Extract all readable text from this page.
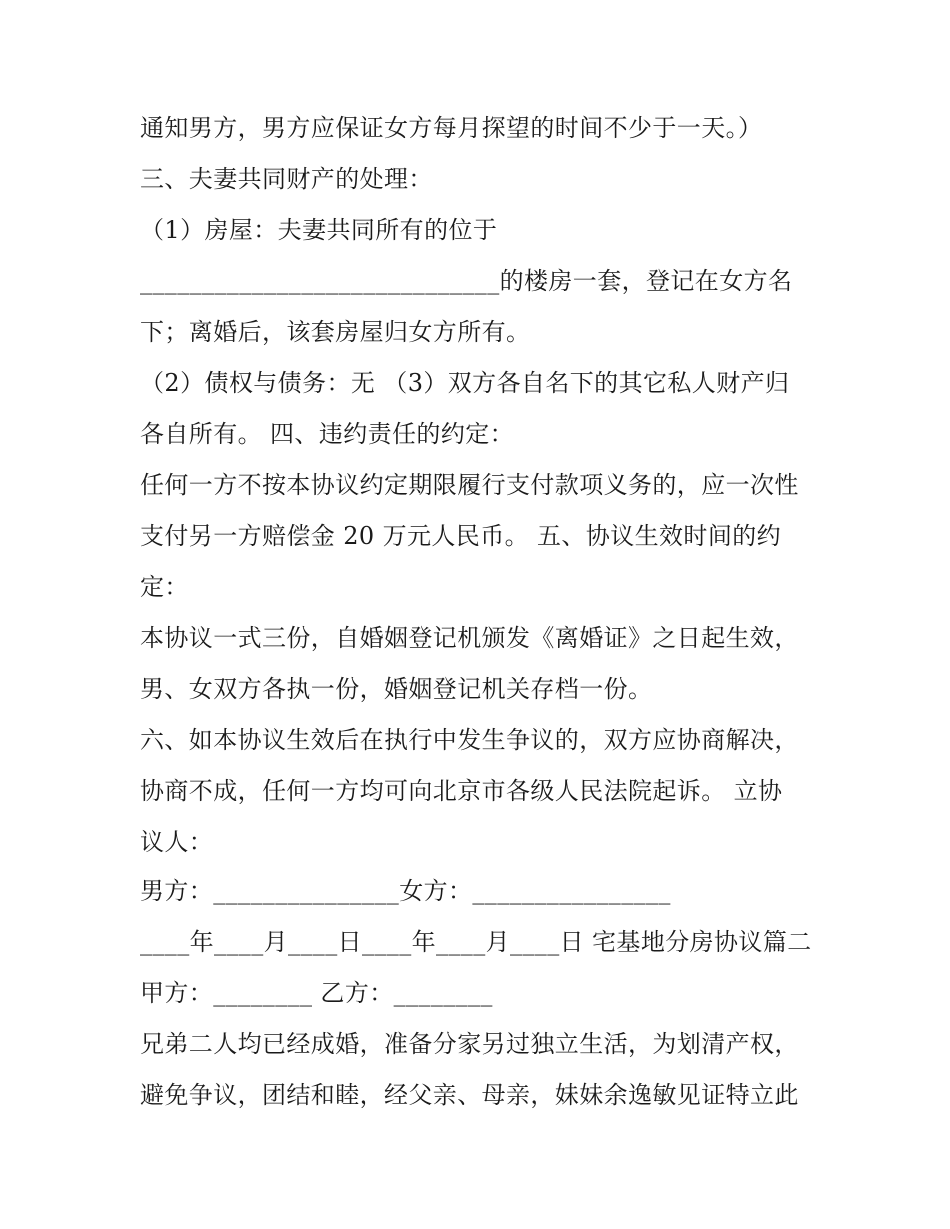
通知男方，男方应保证女方每月探望的时间不少于一天。）
三、夫妻共同财产的处理：
（1）房屋：夫妻共同所有的位于
_____________________________的楼房一套，登记在女方名
下；离婚后，该套房屋归女方所有。
（2）债权与债务：无 （3）双方各自名下的其它私人财产归
各自所有。 四、违约责任的约定：
任何一方不按本协议约定期限履行支付款项义务的，应一次性
支付另一方赔偿金 20 万元人民币。 五、协议生效时间的约
定：
本协议一式三份，自婚姻登记机颁发《离婚证》之日起生效，
男、女双方各执一份，婚姻登记机关存档一份。
六、如本协议生效后在执行中发生争议的，双方应协商解决，
协商不成，任何一方均可向北京市各级人民法院起诉。 立协
议人：
男方：_______________女方：________________
____年____月____日____年____月____日 宅基地分房协议篇二
甲方：________ 乙方：________
兄弟二人均已经成婚，准备分家另过独立生活，为划清产权，
避免争议，团结和睦，经父亲、母亲，妹妹余逸敏见证特立此
